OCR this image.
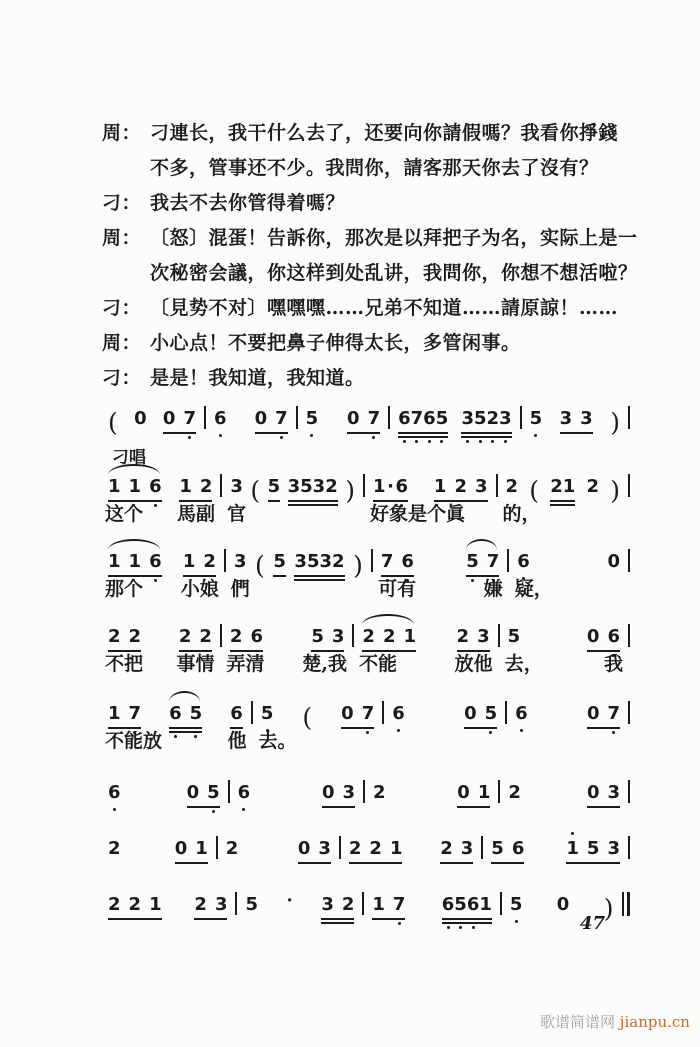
周： 刁連长，我干什么去了，还要向你請假嗎？我看你掙錢
不多，管事还不少。我問你，請客那天你去了沒有？
刁： 我去不去你管得着嗎？
周： 〔怒〕混蛋！告訴你，那次是以拜把子为名，实际上是一
次秘密会議，你这样到处乱讲，我問你，你想不想活啦？
刁： 〔見势不对〕嘿嘿嘿……兄弟不知道……請原諒！……
周： 小心点！不要把鼻子伸得太长，多管闲事。
刁： 是是！我知道，我知道。
刁唱
( 0 0 7 6 0 7 5 0 7 6 7 6 5 3 5 2 3 5 3 3 )
1 1 6 1 2 3 ( 5 3 5 3 2 ) 1 · 6 1 2 3 2 ( 2 1 2 )
这个 馬副 官	好象是个眞 的，
1 1 6 1 2 3 ( 5 3 5 3 2 ) 7 6	5 7 6	0
那个 小娘 們	可有	嫌 疑，
2 2 2 2 2 6	5 3 2 2 1 2 3 5	0 6
不把 事情 弄清 楚,我 不能	放他 去，	我
1 7 6 5 6 5 ( 0 7 6	0 5 6	0 7
不能放	他 去。
6	0 5 6	0 3 2	0 1 2	0 3
2	0 1 2	0 3 2 2 1 2 3 5 6 1 5 3
2 2 1 2 3 5 · 3 2 1 7 6 5 6 1 5 0 )
47
歌谱简谱网 jianpu.cn
